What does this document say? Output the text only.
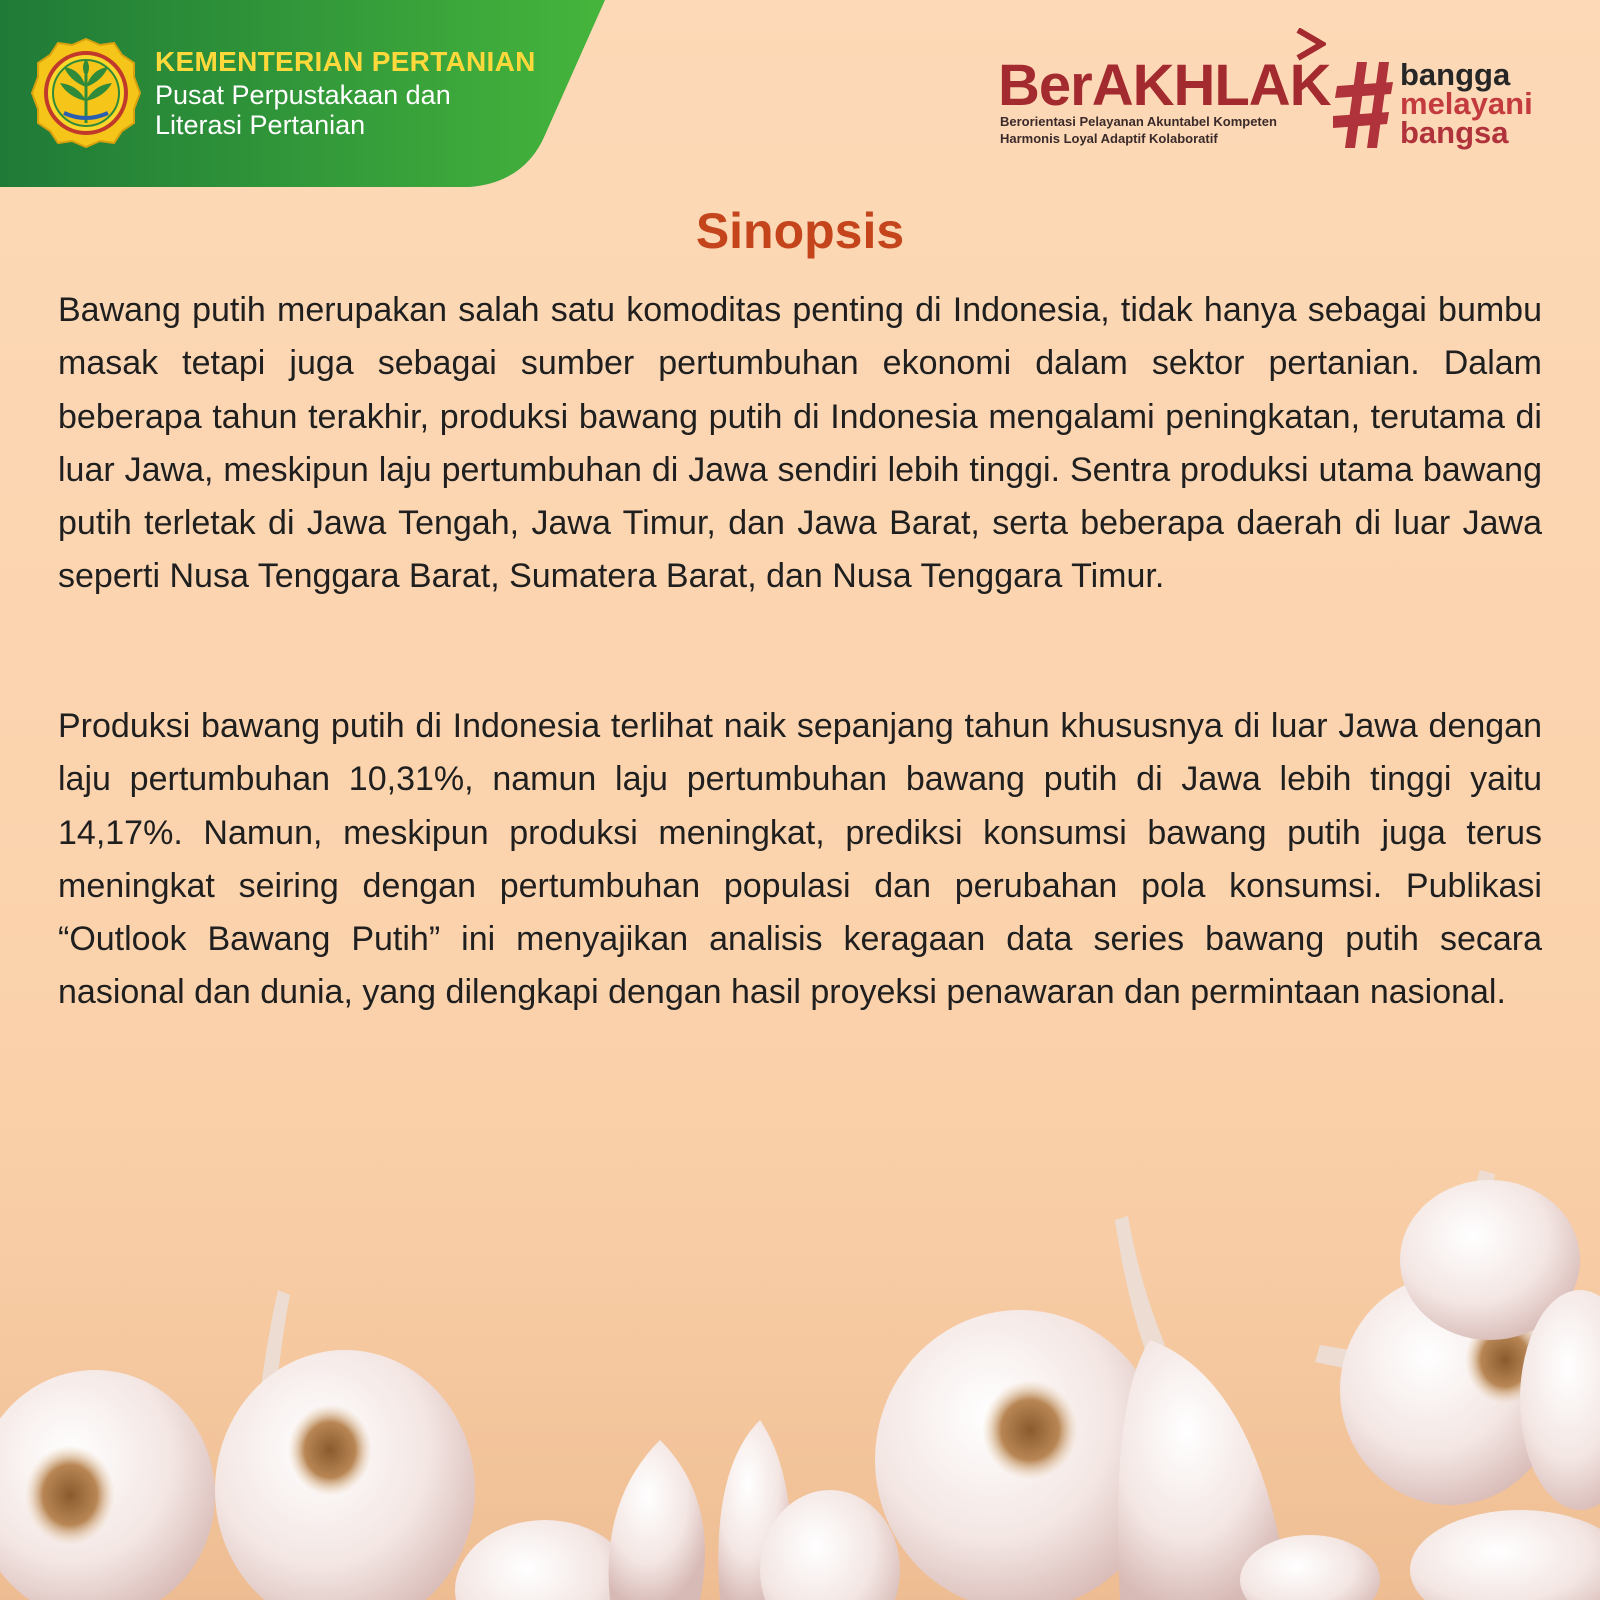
KEMENTERIAN PERTANIAN
Pusat Perpustakaan dan
Literasi Pertanian
BerAKHLAK
Berorientasi Pelayanan Akuntabel Kompeten
Harmonis Loyal Adaptif Kolaboratif
bangga
melayani
bangsa
Sinopsis

Bawang putih merupakan salah satu komoditas penting di Indonesia, tidak hanya sebagai bumbu masak tetapi juga sebagai sumber pertumbuhan ekonomi dalam sektor pertanian. Dalam beberapa tahun terakhir, produksi bawang putih di Indonesia mengalami peningkatan, terutama di luar Jawa, meskipun laju pertumbuhan di Jawa sendiri lebih tinggi. Sentra produksi utama bawang putih terletak di Jawa Tengah, Jawa Timur, dan Jawa Barat, serta beberapa daerah di luar Jawa seperti Nusa Tenggara Barat, Sumatera Barat, dan Nusa Tenggara Timur.

Produksi bawang putih di Indonesia terlihat naik sepanjang tahun khususnya di luar Jawa dengan laju pertumbuhan 10,31%, namun laju pertumbuhan bawang putih di Jawa lebih tinggi yaitu 14,17%. Namun, meskipun produksi meningkat, prediksi konsumsi bawang putih juga terus meningkat seiring dengan pertumbuhan populasi dan perubahan pola konsumsi. Publikasi “Outlook Bawang Putih” ini menyajikan analisis keragaan data series bawang putih secara nasional dan dunia, yang dilengkapi dengan hasil proyeksi penawaran dan permintaan nasional.
